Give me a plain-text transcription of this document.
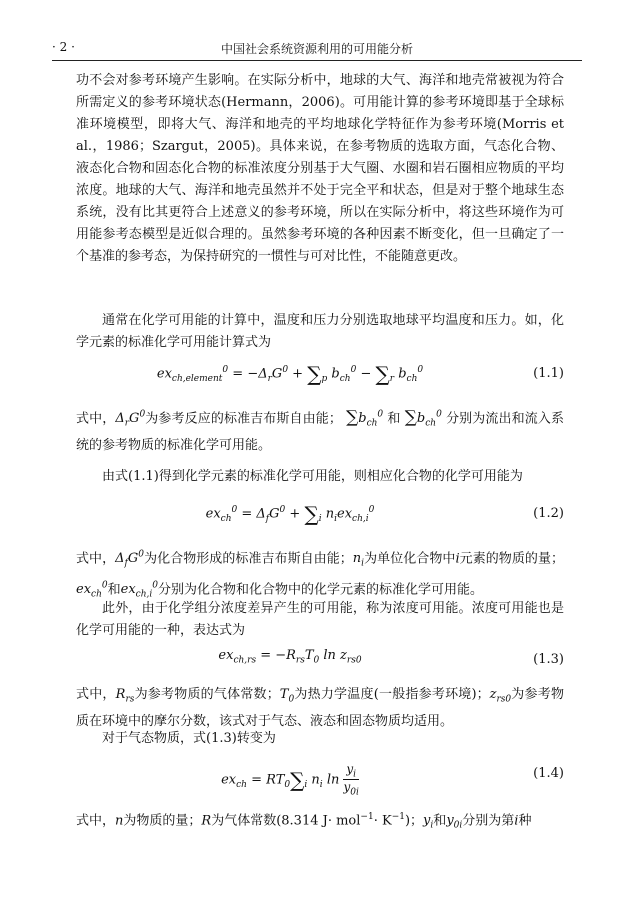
· 2 ·	中国社会系统资源利用的可用能分析
功不会对参考环境产生影响。在实际分析中，地球的大气、海洋和地壳常被视为符合所需定义的参考环境状态(Hermann，2006)。可用能计算的参考环境即基于全球标准环境模型，即将大气、海洋和地壳的平均地球化学特征作为参考环境(Morris et al.，1986；Szargut，2005)。具体来说，在参考物质的选取方面，气态化合物、液态化合物和固态化合物的标准浓度分别基于大气圈、水圈和岩石圈相应物质的平均浓度。地球的大气、海洋和地壳虽然并不处于完全平和状态，但是对于整个地球生态系统，没有比其更符合上述意义的参考环境，所以在实际分析中，将这些环境作为可用能参考态模型是近似合理的。虽然参考环境的各种因素不断变化，但一旦确定了一个基准的参考态，为保持研究的一惯性与可对比性，不能随意更改。
通常在化学可用能的计算中，温度和压力分别选取地球平均温度和压力。如，化学元素的标准化学可用能计算式为
$ex_{ch,element}^0 = -\Delta_rG^0 + \sum_p$ $b_{ch}^0 - \sum_r$ $b_{ch}^0$	(1.1)
式中，$\Delta_rG^0$为参考反应的标准吉布斯自由能； $\sum b_{ch}^0$ 和 $\sum b_{ch}^0$ 分别为流出和流入系统的参考物质的标准化学可用能。
由式(1.1)得到化学元素的标准化学可用能，则相应化合物的化学可用能为
$ex_{ch}^0 = \Delta_fG^0 + \sum_i$ $n_iex_{ch,i}^0$	(1.2)
式中，$\Delta_fG^0$为化合物形成的标准吉布斯自由能；$n_i$为单位化合物中i元素的物质的量；$ex_{ch}^0$和$ex_{ch,i}^0$分别为化合物和化合物中的化学元素的标准化学可用能。
此外，由于化学组分浓度差异产生的可用能，称为浓度可用能。浓度可用能也是化学可用能的一种，表达式为
$ex_{ch,rs} = -R_{rs}T_0$ $\ln z_{rs0}$	(1.3)
式中，$R_{rs}$为参考物质的气体常数；$T_0$为热力学温度(一般指参考环境)；$z_{rs0}$为参考物质在环境中的摩尔分数，该式对于气态、液态和固态物质均适用。
对于气态物质，式(1.3)转变为
$ex_{ch} = RT_0\sum_i$ $n_i$ $\ln \frac{y_i}{y_{0i}}$	(1.4)
式中，n为物质的量；R为气体常数(8.314 $J\cdot mol^{-1}\cdot K^{-1}$)；$y_i$和$y_{0i}$分别为第i种
